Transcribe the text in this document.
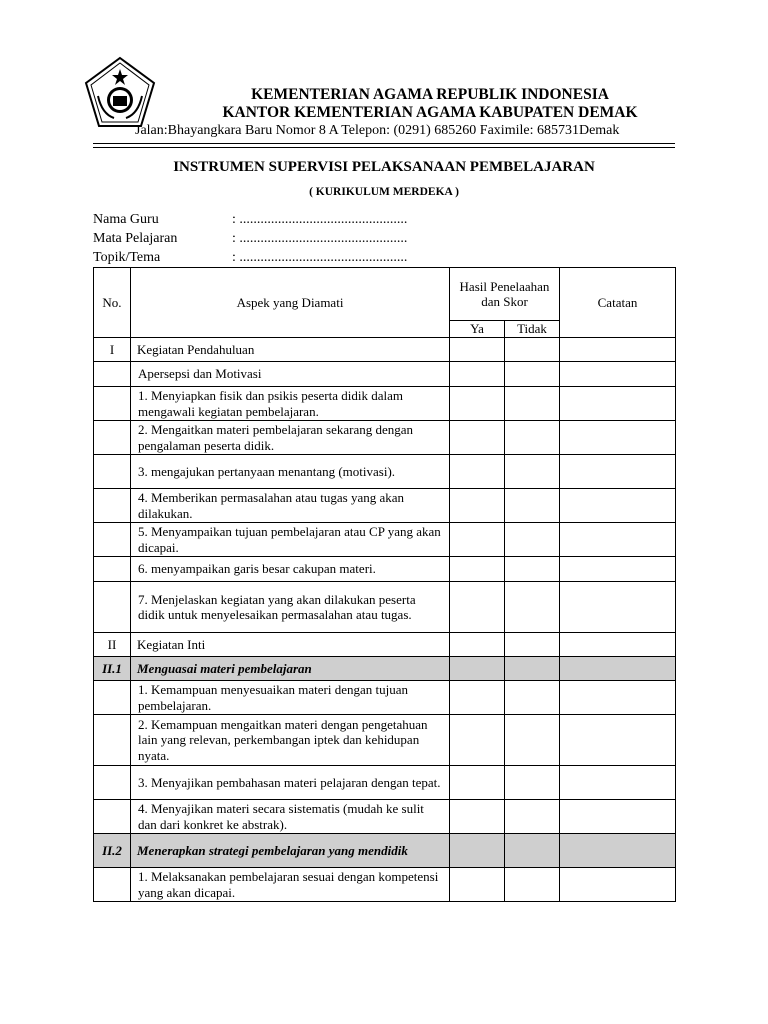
KEMENTERIAN AGAMA REPUBLIK INDONESIA
KANTOR KEMENTERIAN AGAMA KABUPATEN DEMAK
Jalan:Bhayangkara Baru Nomor 8 A Telepon: (0291) 685260 Faximile: 685731Demak
INSTRUMEN SUPERVISI PELAKSANAAN PEMBELAJARAN
( KURIKULUM MERDEKA )
Nama Guru	: ................................................
Mata Pelajaran	: ................................................
Topik/Tema	: ................................................
No.	Aspek yang Diamati	Hasil Penelaahan dan Skor		Catatan
		Ya	Tidak	
I	Kegiatan Pendahuluan			
	Apersepsi dan Motivasi			
	1. Menyiapkan fisik dan psikis peserta didik dalam mengawali kegiatan pembelajaran.			
	2. Mengaitkan materi pembelajaran sekarang dengan pengalaman peserta didik.			
	3. mengajukan pertanyaan menantang (motivasi).			
	4. Memberikan permasalahan atau tugas yang akan dilakukan.			
	5. Menyampaikan tujuan pembelajaran atau CP yang akan dicapai.			
	6. menyampaikan garis besar cakupan materi.			
	7. Menjelaskan kegiatan yang akan dilakukan peserta didik untuk menyelesaikan permasalahan atau tugas.			
II	Kegiatan Inti			
II.1	Menguasai materi pembelajaran			
	1. Kemampuan menyesuaikan materi dengan tujuan pembelajaran.			
	2. Kemampuan mengaitkan materi dengan pengetahuan lain yang relevan, perkembangan iptek dan kehidupan nyata.			
	3. Menyajikan pembahasan materi pelajaran dengan tepat.			
	4. Menyajikan materi secara sistematis (mudah ke sulit dan dari konkret ke abstrak).			
II.2	Menerapkan strategi pembelajaran yang mendidik			
	1. Melaksanakan pembelajaran sesuai dengan kompetensi yang akan dicapai.			
